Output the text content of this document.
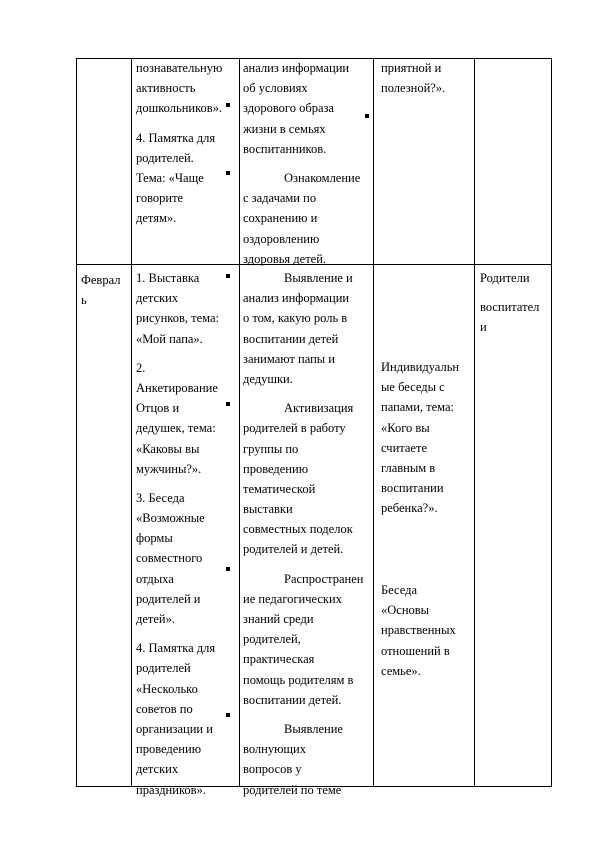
познавательную
активность
дошкольников».
4. Памятка для
родителей.
Тема: «Чаще
говорите
детям».
анализ информации
об условиях
здорового образа
жизни в семьях
воспитанников.
Ознакомление
с задачами по
сохранению и
оздоровлению
здоровья детей.
приятной и
полезной?».
Феврал
ь
1. Выставка
детских
рисунков, тема:
«Мой папа».
2.
Анкетирование
Отцов и
дедушек, тема:
«Каковы вы
мужчины?».
3. Беседа
«Возможные
формы
совместного
отдыха
родителей и
детей».
4. Памятка для
родителей
«Несколько
советов по
организации и
проведению
детских
праздников».
Выявление и
анализ информации
о том, какую роль в
воспитании детей
занимают папы и
дедушки.
Активизация
родителей в работу
группы по
проведению
тематической
выставки
совместных поделок
родителей и детей.
Распространен
ие педагогических
знаний среди
родителей,
практическая
помощь родителям в
воспитании детей.
Выявление
волнующих
вопросов у
родителей по теме
Индивидуальн
ые беседы с
папами, тема:
«Кого вы
считаете
главным в
воспитании
ребенка?».
Беседа
«Основы
нравственных
отношений в
семье».
Родители
воспитател
и
